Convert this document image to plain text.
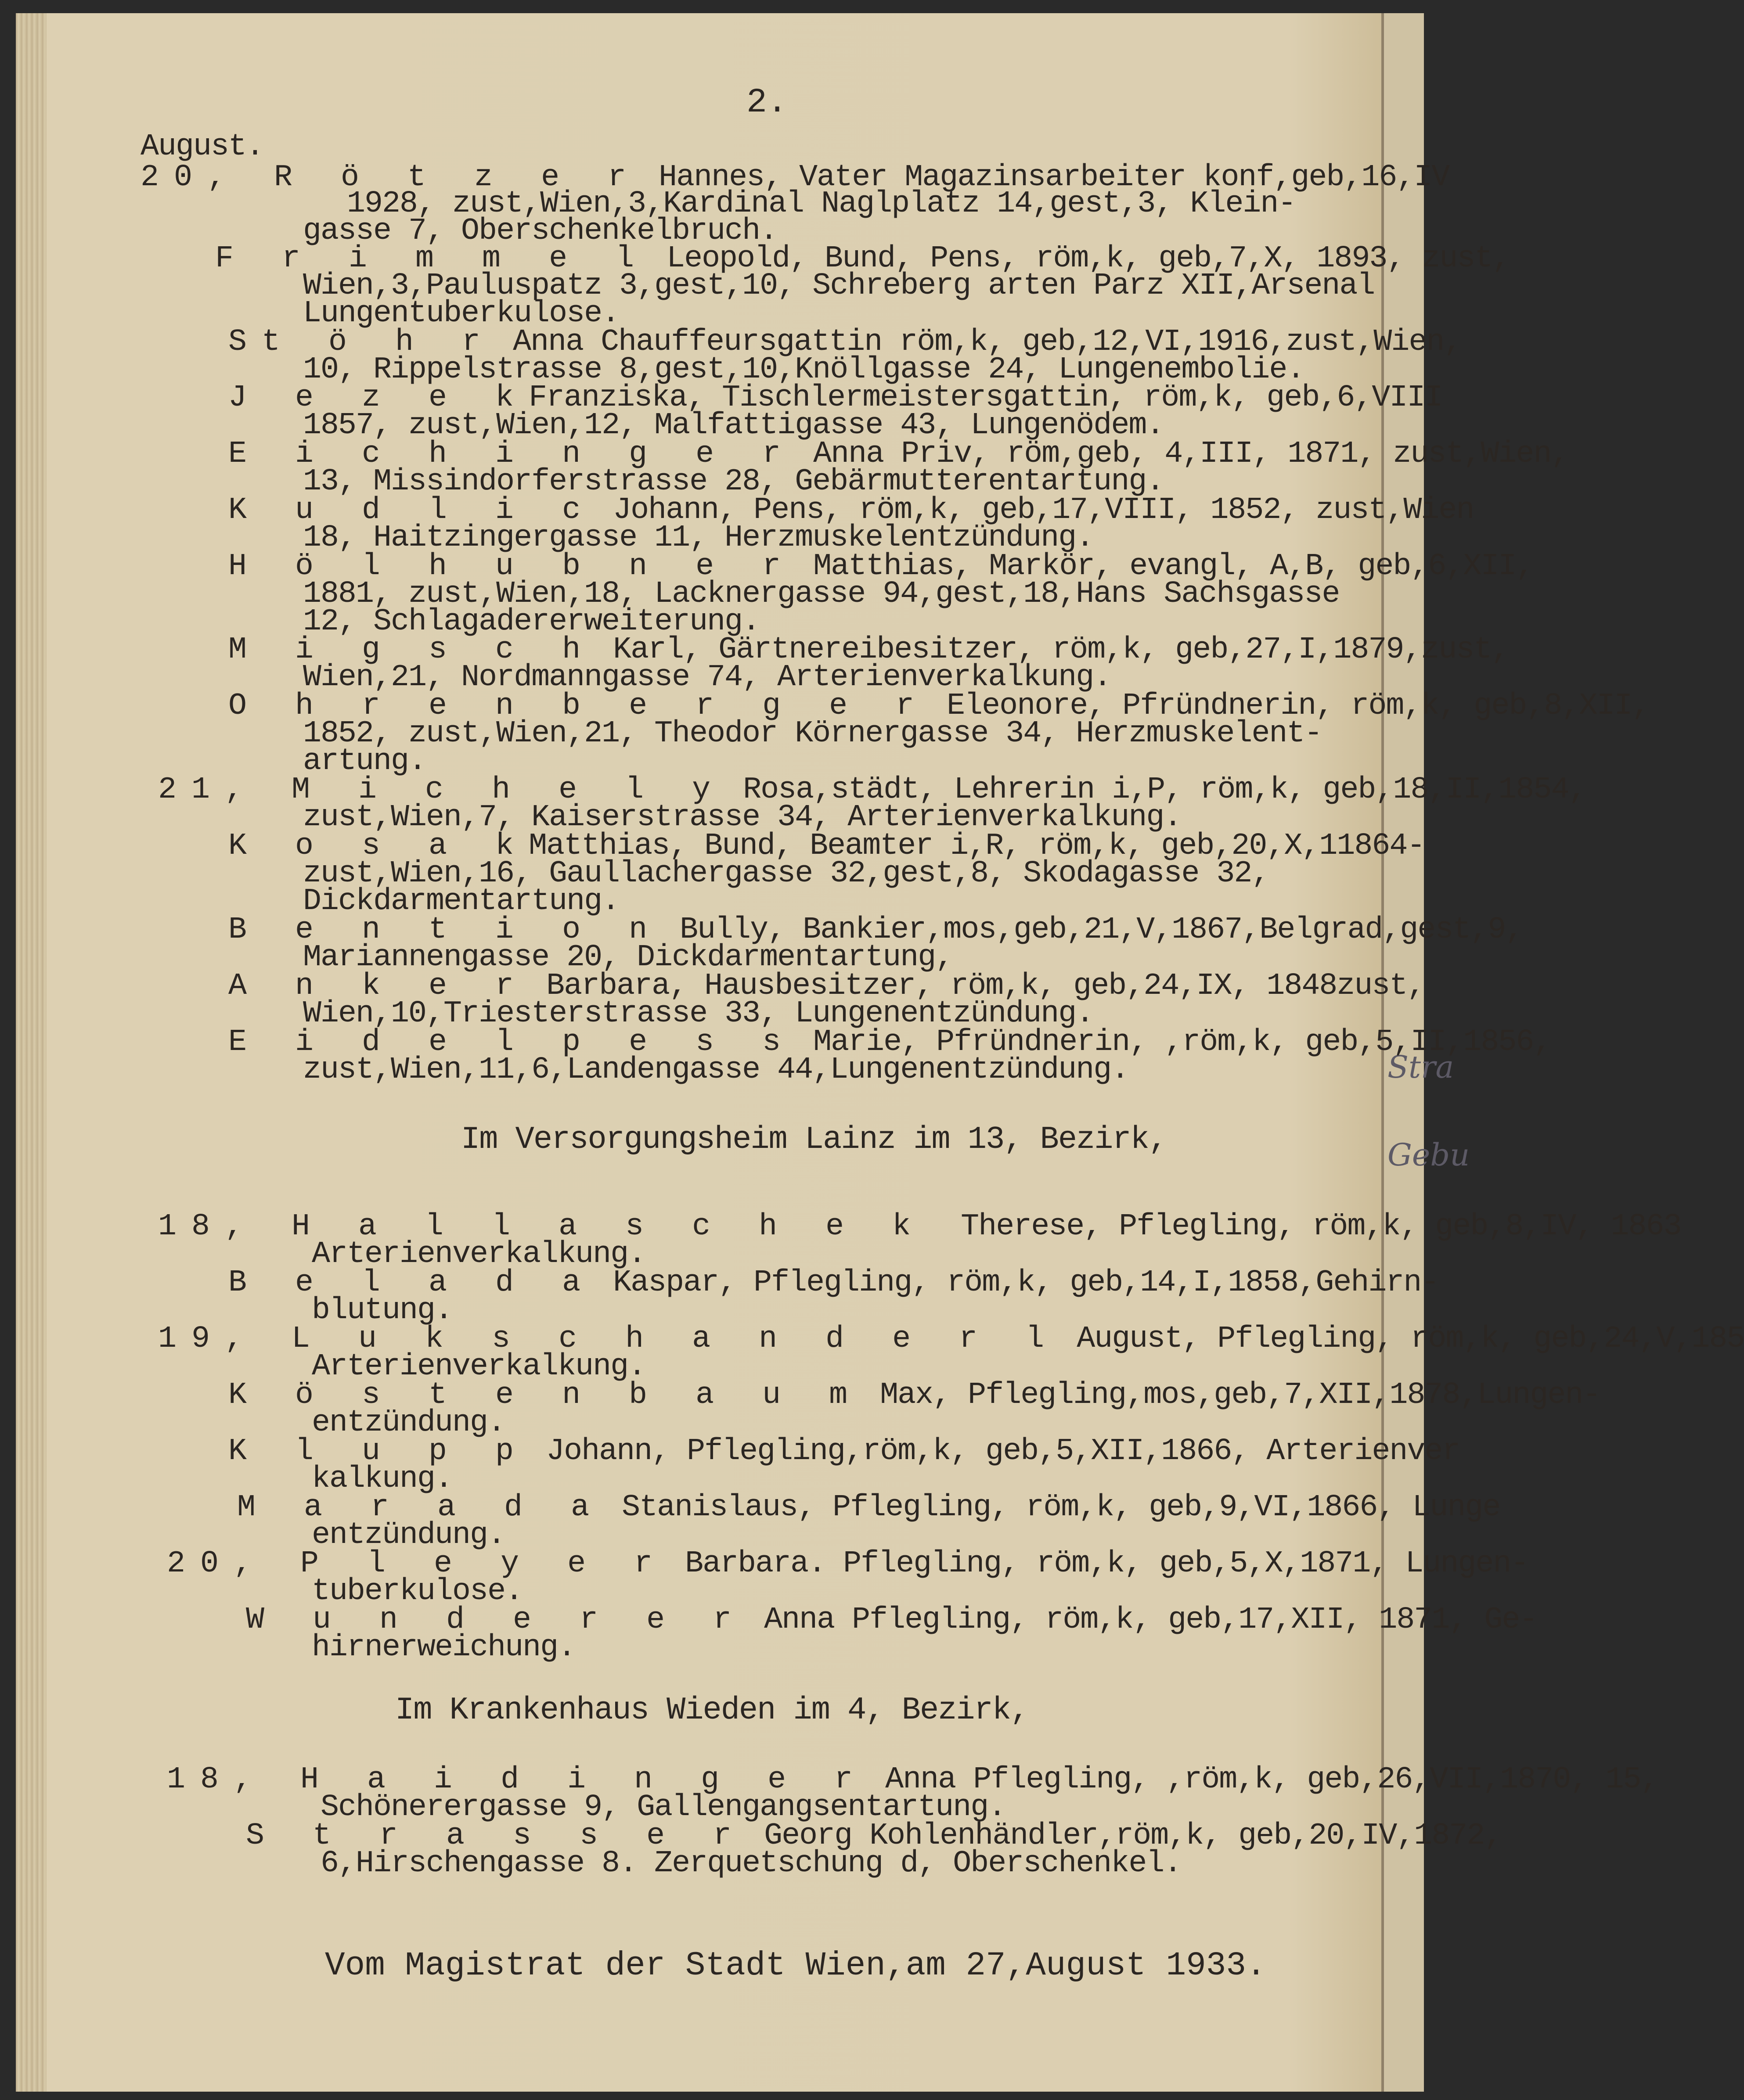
Stra
Gebu
2.
August.
20, R ö t z e r Hannes, Vater Magazinsarbeiter konf,geb,16,IV
1928, zust,Wien,3,Kardinal Naglplatz 14,gest,3, Klein-
gasse 7, Oberschenkelbruch.
F r i m m e l Leopold, Bund, Pens, röm,k, geb,7,X, 1893, zust,
Wien,3,Pauluspatz 3,gest,10, Schreberg arten Parz XII,Arsenal
Lungentuberkulose.
St ö h r Anna Chauffeursgattin röm,k, geb,12,VI,1916,zust,Wien,
10, Rippelstrasse 8,gest,10,Knöllgasse 24, Lungenembolie.
J e z e kFranziska, Tischlermeistersgattin, röm,k, geb,6,VIII
1857, zust,Wien,12, Malfattigasse 43, Lungenödem.
E i c h i n g e r Anna Priv, röm,geb, 4,III, 1871, zust,Wien,
13, Missindorferstrasse 28, Gebärmutterentartung.
K u d l i c Johann, Pens, röm,k, geb,17,VIII, 1852, zust,Wien
18, Haitzingergasse 11, Herzmuskelentzündung.
H ö l h u b n e r Matthias, Markör, evangl, A,B, geb,6,XII,
1881, zust,Wien,18, Lacknergasse 94,gest,18,Hans Sachsgasse
12, Schlagadererweiterung.
M i g s c h Karl, Gärtnereibesitzer, röm,k, geb,27,I,1879,zust,
Wien,21, Nordmanngasse 74, Arterienverkalkung.
O h r e n b e r g e r Eleonore, Pfründnerin, röm,k, geb,8,XII,
1852, zust,Wien,21, Theodor Körnergasse 34, Herzmuskelent-
artung.
21, M i c h e l y Rosa,städt, Lehrerin i,P, röm,k, geb,18,II,1854,
zust,Wien,7, Kaiserstrasse 34, Arterienverkalkung.
K o s a kMatthias, Bund, Beamter i,R, röm,k, geb,20,X,11864-
zust,Wien,16, Gaullachergasse 32,gest,8, Skodagasse 32,
Dickdarmentartung.
B e n t i o n Bully, Bankier,mos,geb,21,V,1867,Belgrad,gest,9,
Mariannengasse 20, Dickdarmentartung,
A n k e r Barbara, Hausbesitzer, röm,k, geb,24,IX, 1848zust,
Wien,10,Triesterstrasse 33, Lungenentzündung.
E i d e l p e s s Marie, Pfründnerin, ,röm,k, geb,5,II,1856,
zust,Wien,11,6,Landengasse 44,Lungenentzündung.
Im Versorgungsheim Lainz im 13, Bezirk,
18, H a l l a s c h e k  Therese, Pflegling, röm,k, geb,8,IV, 1863
Arterienverkalkung.
B e l a d a Kaspar, Pflegling, röm,k, geb,14,I,1858,Gehirn-
blutung.
19, L u k s c h a n d e r l August, Pflegling, röm,k, geb,24,V,185
Arterienverkalkung.
K ö s t e n b a u m Max, Pflegling,mos,geb,7,XII,1878,Lungen-
entzündung.
K l u p p Johann, Pflegling,röm,k, geb,5,XII,1866, Arterienver
kalkung.
M a r a d a Stanislaus, Pflegling, röm,k, geb,9,VI,1866, Lunge
entzündung.
20, P l e y e r Barbara. Pflegling, röm,k, geb,5,X,1871, Lungen-
tuberkulose.
W u n d e r e r Anna Pflegling, röm,k, geb,17,XII, 1871, Ge-
hirnerweichung.
Im Krankenhaus Wieden im 4, Bezirk,
18, H a i d i n g e r Anna Pflegling, ,röm,k, geb,26,VII,1870, 15,
Schönerergasse 9, Gallengangsentartung.
S t r a s s e r Georg Kohlenhändler,röm,k, geb,20,IV,1872,
6,Hirschengasse 8. Zerquetschung d, Oberschenkel.
Vom Magistrat der Stadt Wien,am 27,August 1933.
